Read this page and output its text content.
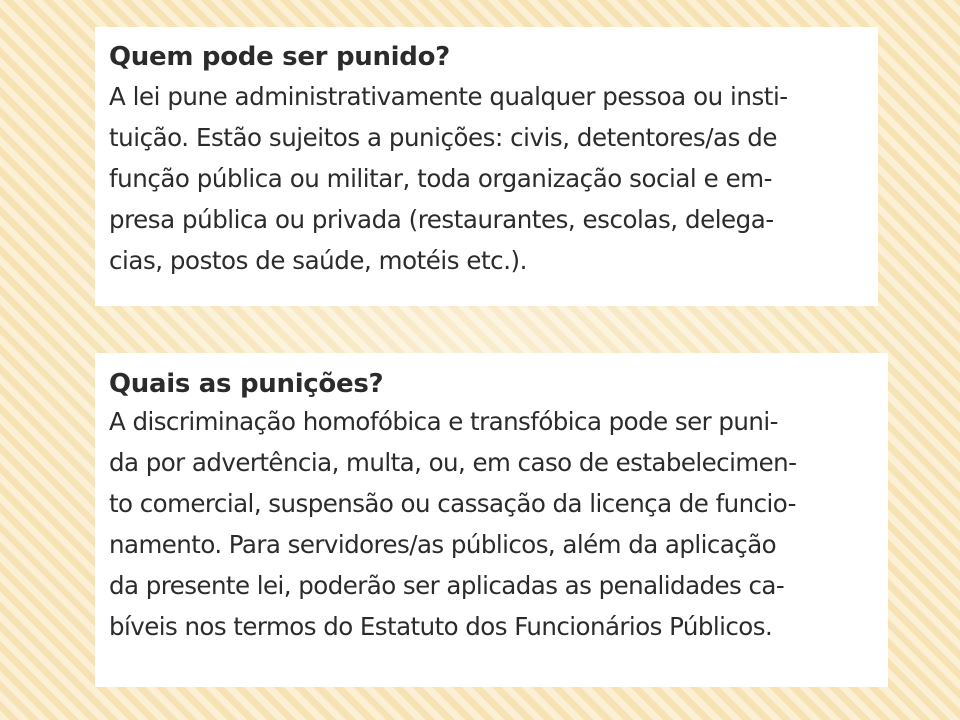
Quem pode ser punido?
A lei pune administrativamente qualquer pessoa ou insti-
tuição. Estão sujeitos a punições: civis, detentores/as de
função pública ou militar, toda organização social e em-
presa pública ou privada (restaurantes, escolas, delega-
cias, postos de saúde, motéis etc.).
Quais as punições?
A discriminação homofóbica e transfóbica pode ser puni-
da por advertência, multa, ou, em caso de estabelecimen-
to comercial, suspensão ou cassação da licença de funcio-
namento. Para servidores/as públicos, além da aplicação
da presente lei, poderão ser aplicadas as penalidades ca-
bíveis nos termos do Estatuto dos Funcionários Públicos.
